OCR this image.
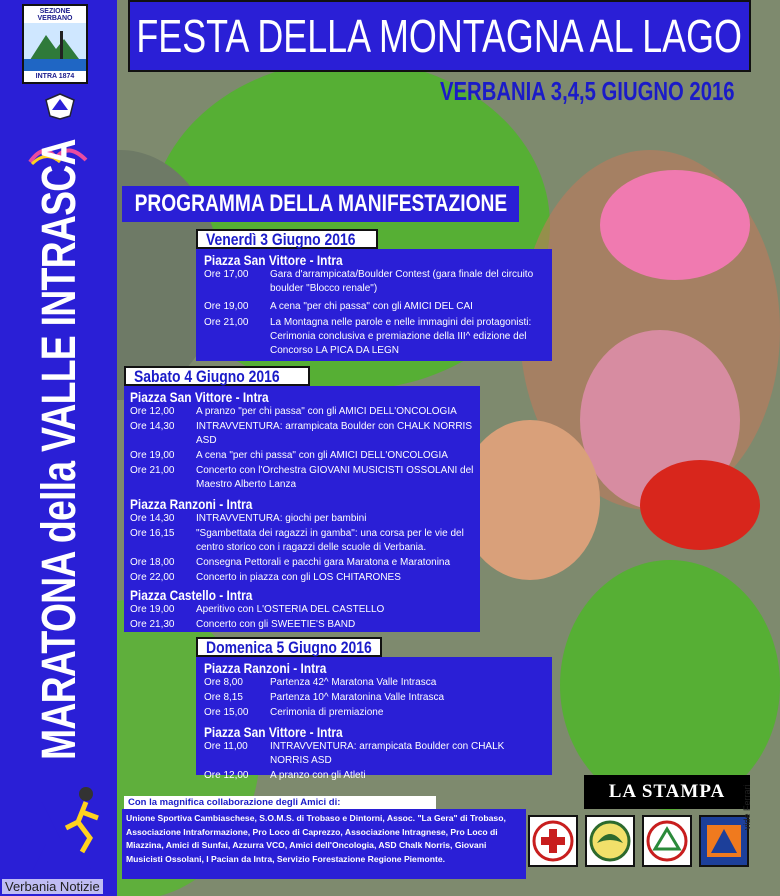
SEZIONE VERBANO
INTRA 1874
MARATONA della VALLE INTRASCA
FESTA DELLA MONTAGNA AL LAGO
VERBANIA 3,4,5 GIUGNO 2016
PROGRAMMA DELLA MANIFESTAZIONE
Venerdì 3 Giugno 2016
Piazza San Vittore - Intra
Ore 17,00	Gara d'arrampicata/Boulder Contest (gara finale del circuito boulder "Blocco renale")
Ore 19,00	A cena "per chi passa" con gli AMICI DEL CAI
Ore 21,00	La Montagna nelle parole e nelle immagini dei protagonisti: Cerimonia conclusiva e premiazione della III^ edizione del Concorso LA PICA DA LEGN
Sabato 4 Giugno 2016
Piazza San Vittore - Intra
Ore 12,00	A pranzo "per chi passa" con gli AMICI DELL'ONCOLOGIA
Ore 14,30	INTRAVVENTURA: arrampicata Boulder con CHALK NORRIS ASD
Ore 19,00	A cena "per chi passa" con gli AMICI DELL'ONCOLOGIA
Ore 21,00	Concerto con l'Orchestra GIOVANI MUSICISTI OSSOLANI del Maestro Alberto Lanza
Piazza Ranzoni - Intra
Ore 14,30	INTRAVVENTURA: giochi per bambini
Ore 16,15	"Sgambettata dei ragazzi in gamba": una corsa per le vie del centro storico con i ragazzi delle scuole di Verbania.
Ore 18,00	Consegna Pettorali e pacchi gara Maratona e Maratonina
Ore 22,00	Concerto in piazza con gli LOS CHITARONES
Piazza Castello - Intra
Ore 19,00	Aperitivo con L'OSTERIA DEL CASTELLO
Ore 21,30	Concerto con gli SWEETIE'S BAND
Domenica 5 Giugno 2016
Piazza Ranzoni - Intra
Ore 8,00	Partenza 42^ Maratona Valle Intrasca
Ore 8,15	Partenza 10^ Maratonina Valle Intrasca
Ore 15,00	Cerimonia di premiazione
Piazza San Vittore - Intra
Ore 11,00	INTRAVVENTURA: arrampicata Boulder con CHALK NORRIS ASD
Ore 12,00	A pranzo con gli Atleti
Con la magnifica collaborazione degli Amici di:
Unione Sportiva Cambiaschese, S.O.M.S. di Trobaso e Dintorni, Assoc. "La Gera" di Trobaso, Associazione Intraformazione, Pro Loco di Caprezzo, Associazione Intragnese, Pro Loco di Miazzina, Amici di Sunfai, Azzurra VCO, Amici dell'Oncologia, ASD Chalk Norris, Giovani Musicisti Ossolani, I Pacian da Intra, Servizio Forestazione Regione Piemonte.
LA STAMPA	vide Ferrari
Verbania Notizie
